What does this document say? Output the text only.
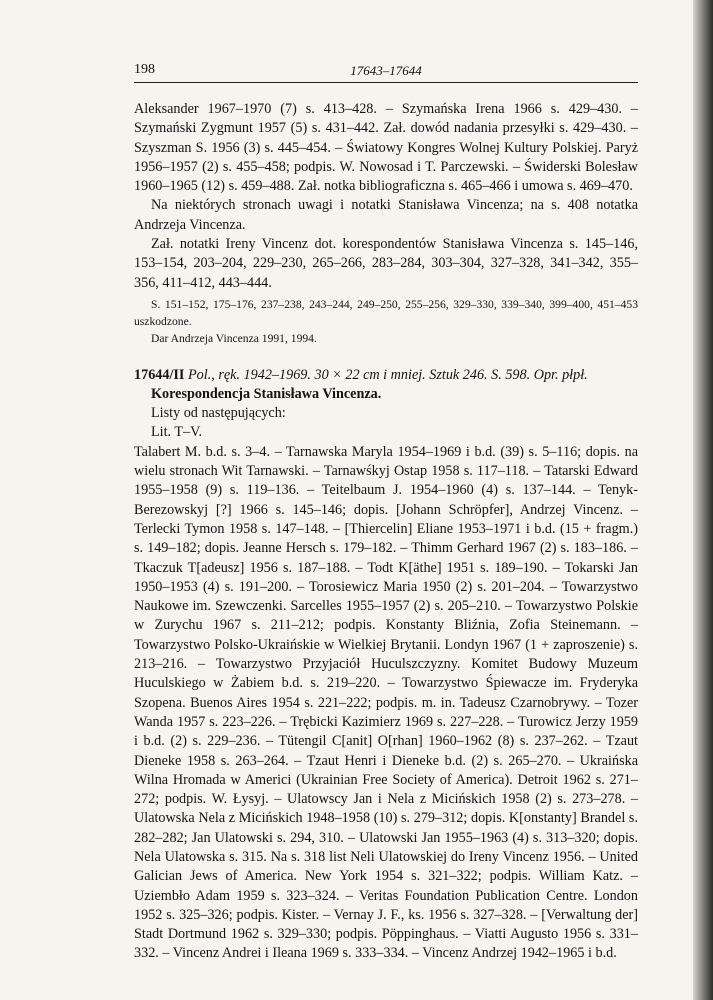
198	17643–17644

Aleksander 1967–1970 (7) s. 413–428. – Szymańska Irena 1966 s. 429–430. – Szymański Zygmunt 1957 (5) s. 431–442. Zał. dowód nadania przesyłki s. 429–430. – Szyszman S. 1956 (3) s. 445–454. – Światowy Kongres Wolnej Kultury Polskiej. Paryż 1956–1957 (2) s. 455–458; podpis. W. Nowosad i T. Parczewski. – Świderski Bolesław 1960–1965 (12) s. 459–488. Zał. notka bibliograficzna s. 465–466 i umowa s. 469–470.

Na niektórych stronach uwagi i notatki Stanisława Vincenza; na s. 408 notatka Andrzeja Vincenza.

Zał. notatki Ireny Vincenz dot. korespondentów Stanisława Vincenza s. 145–146, 153–154, 203–204, 229–230, 265–266, 283–284, 303–304, 327–328, 341–342, 355–356, 411–412, 443–444.

S. 151–152, 175–176, 237–238, 243–244, 249–250, 255–256, 329–330, 339–340, 399–400, 451–453 uszkodzone.

Dar Andrzeja Vincenza 1991, 1994.

17644/II Pol., ręk. 1942–1969. 30 × 22 cm i mniej. Sztuk 246. S. 598. Opr. płpł.

Korespondencja Stanisława Vincenza.

Listy od następujących:

Lit. T–V.

Talabert M. b.d. s. 3–4. – Tarnawska Maryla 1954–1969 i b.d. (39) s. 5–116; dopis. na wielu stronach Wit Tarnawski. – Tarnawśkyj Ostap 1958 s. 117–118. – Tatarski Edward 1955–1958 (9) s. 119–136. – Teitelbaum J. 1954–1960 (4) s. 137–144. – Tenyk-Berezowskyj [?] 1966 s. 145–146; dopis. [Johann Schröpfer], Andrzej Vincenz. – Terlecki Tymon 1958 s. 147–148. – [Thiercelin] Eliane 1953–1971 i b.d. (15 + fragm.) s. 149–182; dopis. Jeanne Hersch s. 179–182. – Thimm Gerhard 1967 (2) s. 183–186. – Tkaczuk T[adeusz] 1956 s. 187–188. – Todt K[äthe] 1951 s. 189–190. – Tokarski Jan 1950–1953 (4) s. 191–200. – Torosiewicz Maria 1950 (2) s. 201–204. – Towarzystwo Naukowe im. Szewczenki. Sarcelles 1955–1957 (2) s. 205–210. – Towarzystwo Polskie w Zurychu 1967 s. 211–212; podpis. Konstanty Bliźnia, Zofia Steinemann. – Towarzystwo Polsko-Ukraińskie w Wielkiej Brytanii. Londyn 1967 (1 + zaproszenie) s. 213–216. – Towarzystwo Przyjaciół Huculszczyzny. Komitet Budowy Muzeum Huculskiego w Żabiem b.d. s. 219–220. – Towarzystwo Śpiewacze im. Fryderyka Szopena. Buenos Aires 1954 s. 221–222; podpis. m. in. Tadeusz Czarnobrywy. – Tozer Wanda 1957 s. 223–226. – Trębicki Kazimierz 1969 s. 227–228. – Turowicz Jerzy 1959 i b.d. (2) s. 229–236. – Tütengil C[anit] O[rhan] 1960–1962 (8) s. 237–262. – Tzaut Dieneke 1958 s. 263–264. – Tzaut Henri i Dieneke b.d. (2) s. 265–270. – Ukraińska Wilna Hromada w Americi (Ukrainian Free Society of America). Detroit 1962 s. 271–272; podpis. W. Łysyj. – Ulatowscy Jan i Nela z Micińskich 1958 (2) s. 273–278. – Ulatowska Nela z Micińskich 1948–1958 (10) s. 279–312; dopis. K[onstanty] Brandel s. 282–282; Jan Ulatowski s. 294, 310. – Ulatowski Jan 1955–1963 (4) s. 313–320; dopis. Nela Ulatowska s. 315. Na s. 318 list Neli Ulatowskiej do Ireny Vincenz 1956. – United Galician Jews of America. New York 1954 s. 321–322; podpis. William Katz. – Uziembło Adam 1959 s. 323–324. – Veritas Foundation Publication Centre. London 1952 s. 325–326; podpis. Kister. – Vernay J. F., ks. 1956 s. 327–328. – [Verwaltung der] Stadt Dortmund 1962 s. 329–330; podpis. Pöppinghaus. – Viatti Augusto 1956 s. 331–332. – Vincenz Andrei i Ileana 1969 s. 333–334. – Vincenz Andrzej 1942–1965 i b.d.
